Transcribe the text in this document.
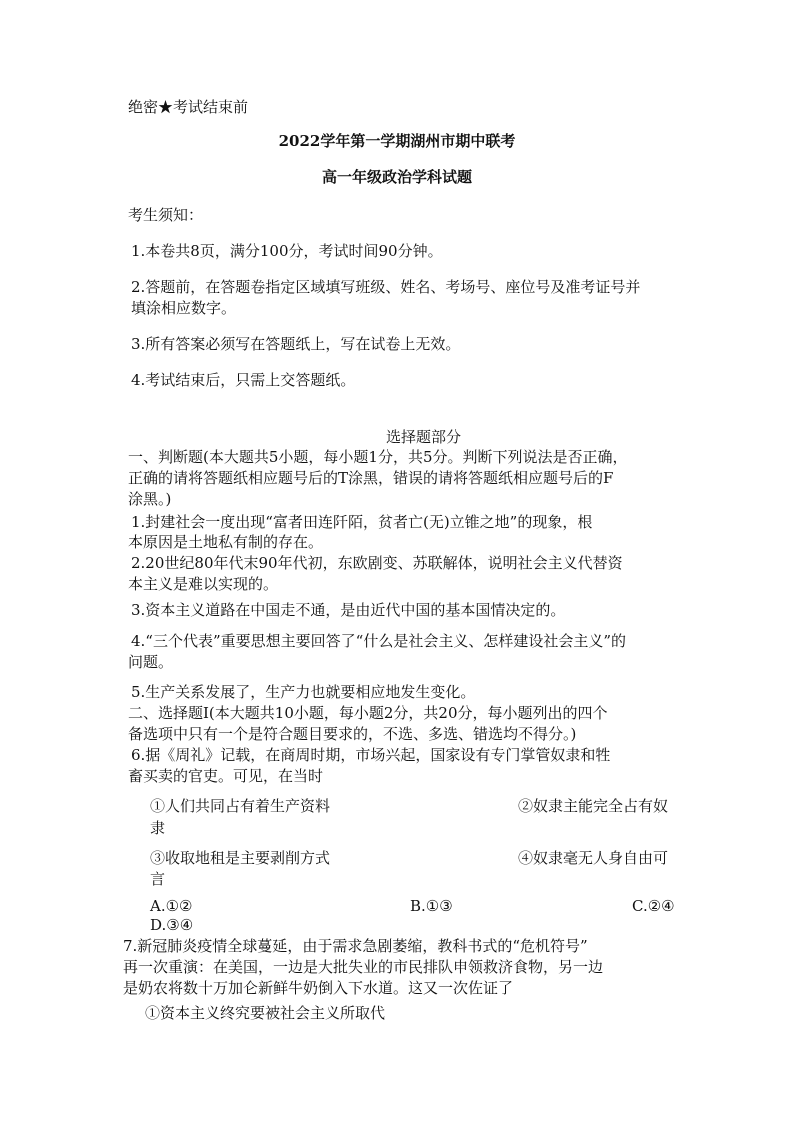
绝密★考试结束前
2022学年第一学期湖州市期中联考
高一年级政治学科试题
考生须知：
1.本卷共8页，满分100分，考试时间90分钟。
2.答题前，在答题卷指定区域填写班级、姓名、考场号、座位号及准考证号并
填涂相应数字。
3.所有答案必须写在答题纸上，写在试卷上无效。
4.考试结束后，只需上交答题纸。
选择题部分
一、判断题(本大题共5小题，每小题1分，共5分。判断下列说法是否正确，
正确的请将答题纸相应题号后的T涂黑，错误的请将答题纸相应题号后的F
涂黑。)
1.封建社会一度出现“富者田连阡陌，贫者亡(无)立锥之地”的现象，根
本原因是土地私有制的存在。
2.20世纪80年代末90年代初，东欧剧变、苏联解体，说明社会主义代替资
本主义是难以实现的。
3.资本主义道路在中国走不通，是由近代中国的基本国情决定的。
4.“三个代表”重要思想主要回答了“什么是社会主义、怎样建设社会主义”的
问题。
5.生产关系发展了，生产力也就要相应地发生变化。
二、选择题Ⅰ(本大题共10小题，每小题2分，共20分，每小题列出的四个
备选项中只有一个是符合题目要求的，不选、多选、错选均不得分。)
6.据《周礼》记载，在商周时期，市场兴起，国家设有专门掌管奴隶和牲
畜买卖的官吏。可见，在当时
①人们共同占有着生产资料	②奴隶主能完全占有奴
隶
③收取地租是主要剥削方式	④奴隶毫无人身自由可
言
A.①②	B.①③	C.②④
D.③④
7.新冠肺炎疫情全球蔓延，由于需求急剧萎缩，教科书式的“危机符号”
再一次重演：在美国，一边是大批失业的市民排队申领救济食物，另一边
是奶农将数十万加仑新鲜牛奶倒入下水道。这又一次佐证了
①资本主义终究要被社会主义所取代
